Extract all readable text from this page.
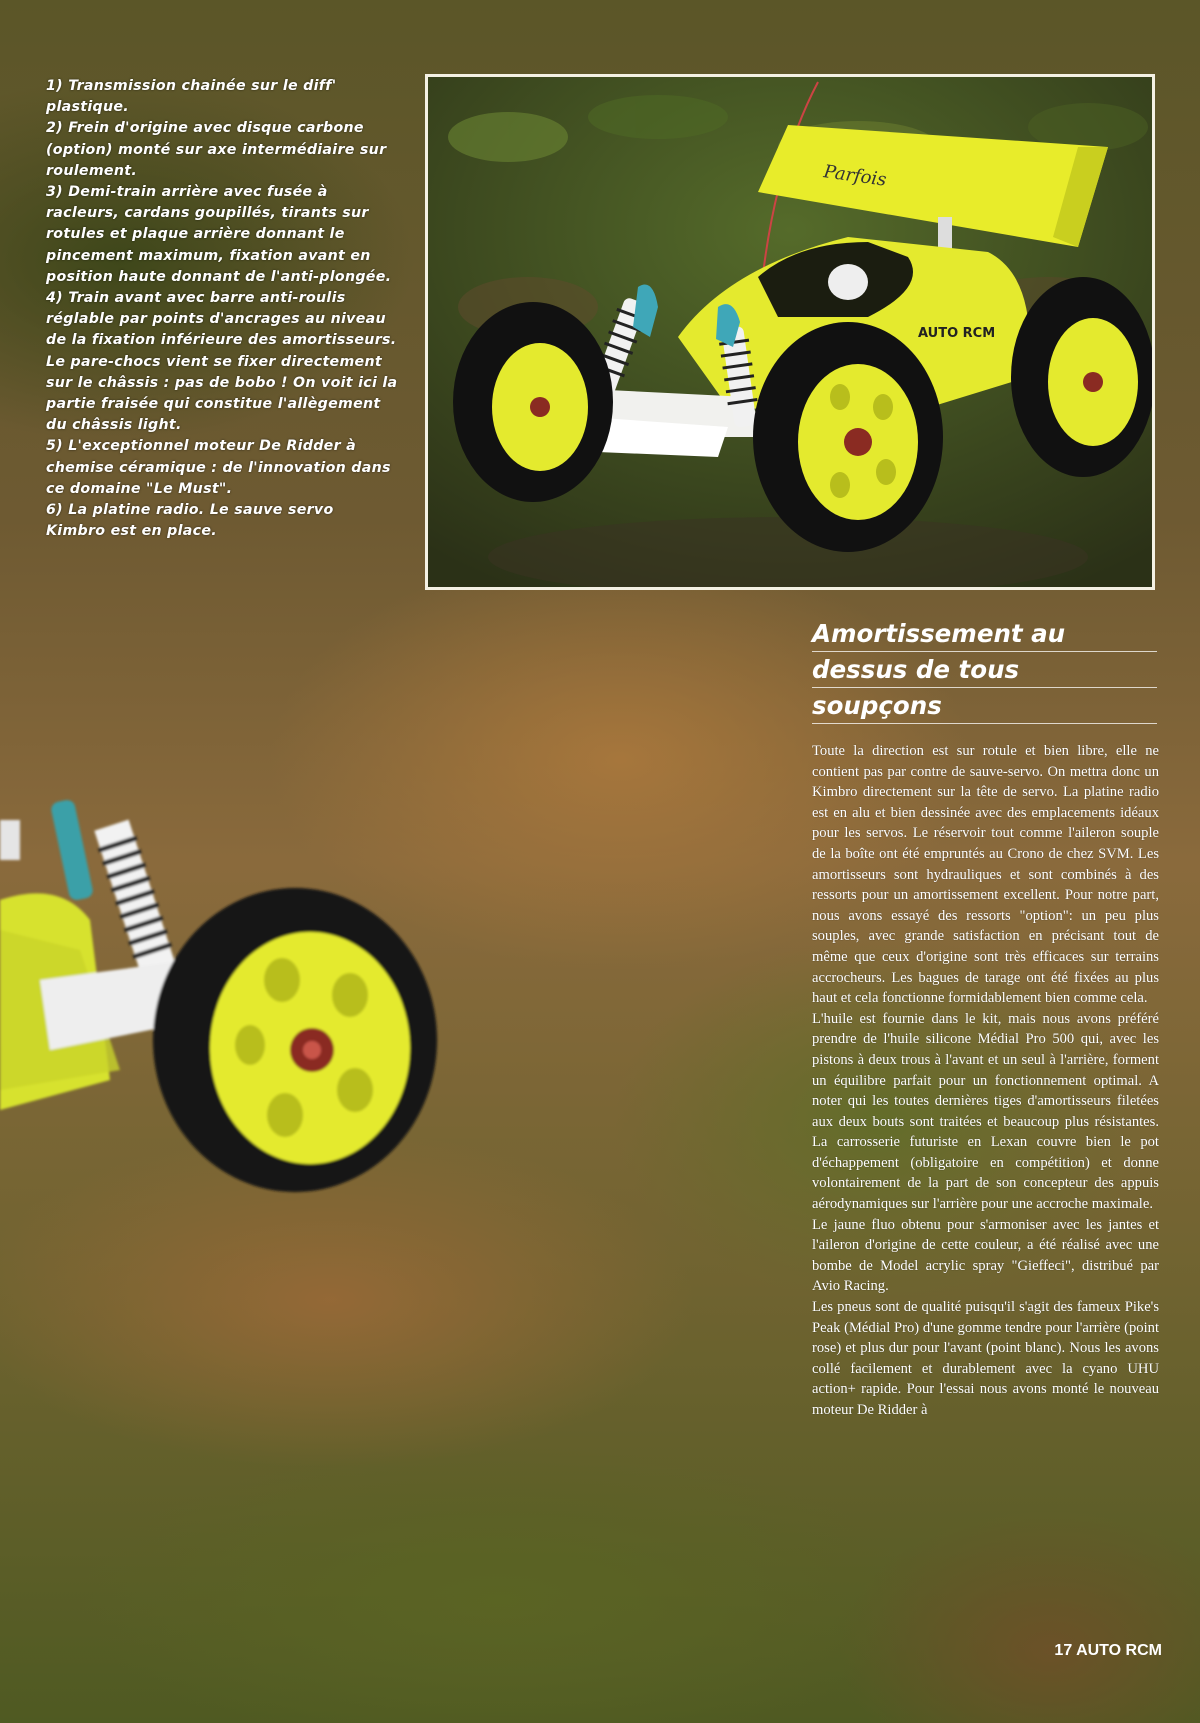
1) Transmission chainée sur le diff' plastique.

2) Frein d'origine avec disque carbone (option) monté sur axe intermédiaire sur roulement.

3) Demi-train arrière avec fusée à racleurs, cardans goupillés, tirants sur rotules et plaque arrière donnant le pincement maximum, fixation avant en position haute donnant de l'anti-plongée.

4) Train avant avec barre anti-roulis réglable par points d'ancrages au niveau de la fixation inférieure des amortisseurs. Le pare-chocs vient se fixer directement sur le châssis : pas de bobo ! On voit ici la partie fraisée qui constitue l'allègement du châssis light.

5) L'exceptionnel moteur De Ridder à chemise céramique : de l'innovation dans ce domaine "Le Must".

6) La platine radio. Le sauve servo Kimbro est en place.

Parfois
AUTO RCM
Amortissement au
dessus de tous
soupçons

Toute la direction est sur rotule et bien libre, elle ne contient pas par contre de sauve-servo. On mettra donc un Kimbro directement sur la tête de servo. La platine radio est en alu et bien dessinée avec des emplacements idéaux pour les servos. Le réservoir tout comme l'aileron souple de la boîte ont été empruntés au Crono de chez SVM. Les amortisseurs sont hydrauliques et sont combinés à des ressorts pour un amortissement excellent. Pour notre part, nous avons essayé des ressorts "option": un peu plus souples, avec grande satisfaction en précisant tout de même que ceux d'origine sont très efficaces sur terrains accrocheurs. Les bagues de tarage ont été fixées au plus haut et cela fonctionne formidablement bien comme cela.

L'huile est fournie dans le kit, mais nous avons préféré prendre de l'huile silicone Médial Pro 500 qui, avec les pistons à deux trous à l'avant et un seul à l'arrière, forment un équilibre parfait pour un fonctionnement optimal. A noter qui les toutes dernières tiges d'amortisseurs filetées aux deux bouts sont traitées et beaucoup plus résistantes. La carrosserie futuriste en Lexan couvre bien le pot d'échappement (obligatoire en compétition) et donne volontairement de la part de son concepteur des appuis aérodynamiques sur l'arrière pour une accroche maximale.

Le jaune fluo obtenu pour s'armoniser avec les jantes et l'aileron d'origine de cette couleur, a été réalisé avec une bombe de Model acrylic spray "Gieffeci", distribué par Avio Racing.

Les pneus sont de qualité puisqu'il s'agit des fameux Pike's Peak (Médial Pro) d'une gomme tendre pour l'arrière (point rose) et plus dur pour l'avant (point blanc). Nous les avons collé facilement et durablement avec la cyano UHU action+ rapide. Pour l'essai nous avons monté le nouveau moteur De Ridder à

17 AUTO RCM
